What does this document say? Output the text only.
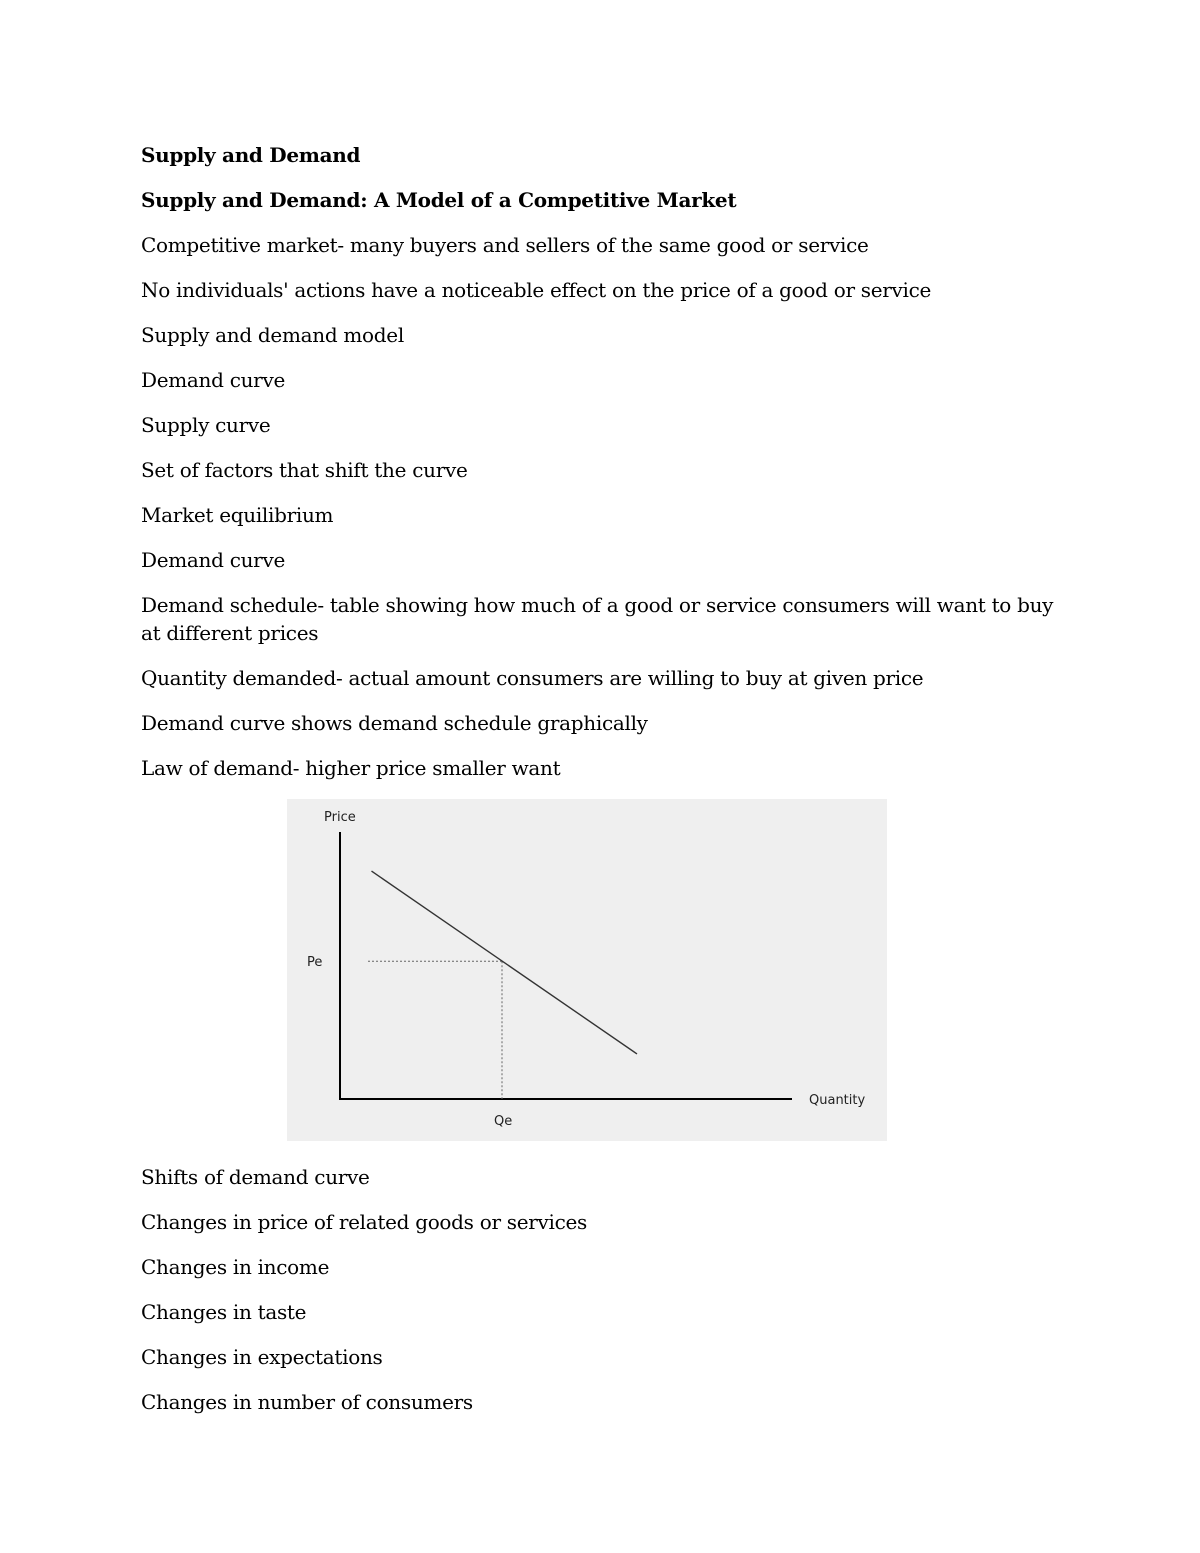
Supply and Demand
Supply and Demand: A Model of a Competitive Market
Competitive market- many buyers and sellers of the same good or service
No individuals' actions have a noticeable effect on the price of a good or service
Supply and demand model
Demand curve
Supply curve
Set of factors that shift the curve
Market equilibrium
Demand curve
Demand schedule- table showing how much of a good or service consumers will want to buy at different prices
Quantity demanded- actual amount consumers are willing to buy at given price
Demand curve shows demand schedule graphically
Law of demand- higher price smaller want
Price
Quantity
Pe
Qe
Shifts of demand curve
Changes in price of related goods or services
Changes in income
Changes in taste
Changes in expectations
Changes in number of consumers
